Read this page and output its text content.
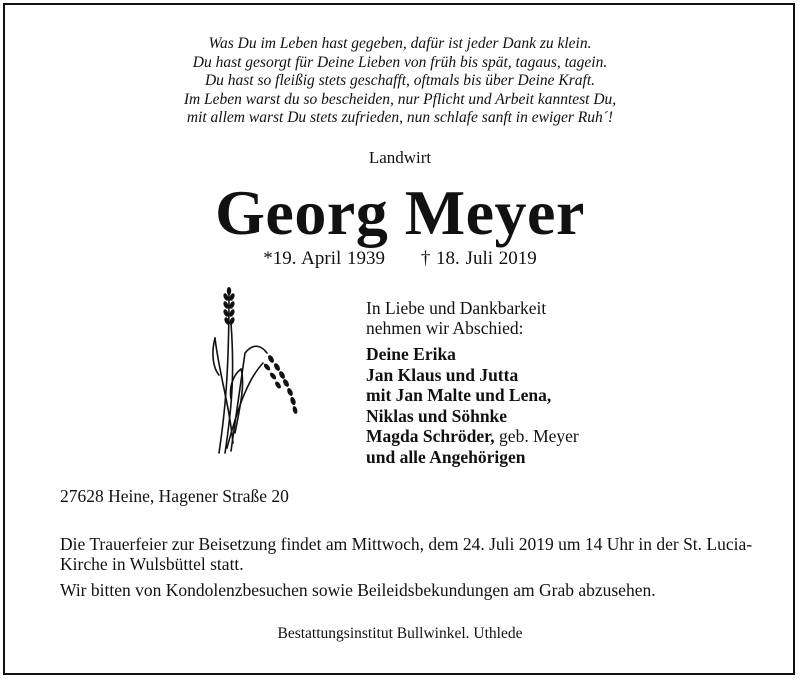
Was Du im Leben hast gegeben, dafür ist jeder Dank zu klein.
Du hast gesorgt für Deine Lieben von früh bis spät, tagaus, tagein.
Du hast so fleißig stets geschafft, oftmals bis über Deine Kraft.
Im Leben warst du so bescheiden, nur Pflicht und Arbeit kanntest Du,
mit allem warst Du stets zufrieden, nun schlafe sanft in ewiger Ruh´!
Landwirt
Georg Meyer
*19. April 1939 † 18. Juli 2019
In Liebe und Dankbarkeit
nehmen wir Abschied:
Deine Erika
Jan Klaus und Jutta
mit Jan Malte und Lena,
Niklas und Söhnke
Magda Schröder, geb. Meyer
und alle Angehörigen
27628 Heine, Hagener Straße 20
Die Trauerfeier zur Beisetzung findet am Mittwoch, dem 24. Juli 2019 um 14 Uhr in der St. Lucia- Kirche in Wulsbüttel statt.
Wir bitten von Kondolenzbesuchen sowie Beileidsbekundungen am Grab abzusehen.
Bestattungsinstitut Bullwinkel. Uthlede
